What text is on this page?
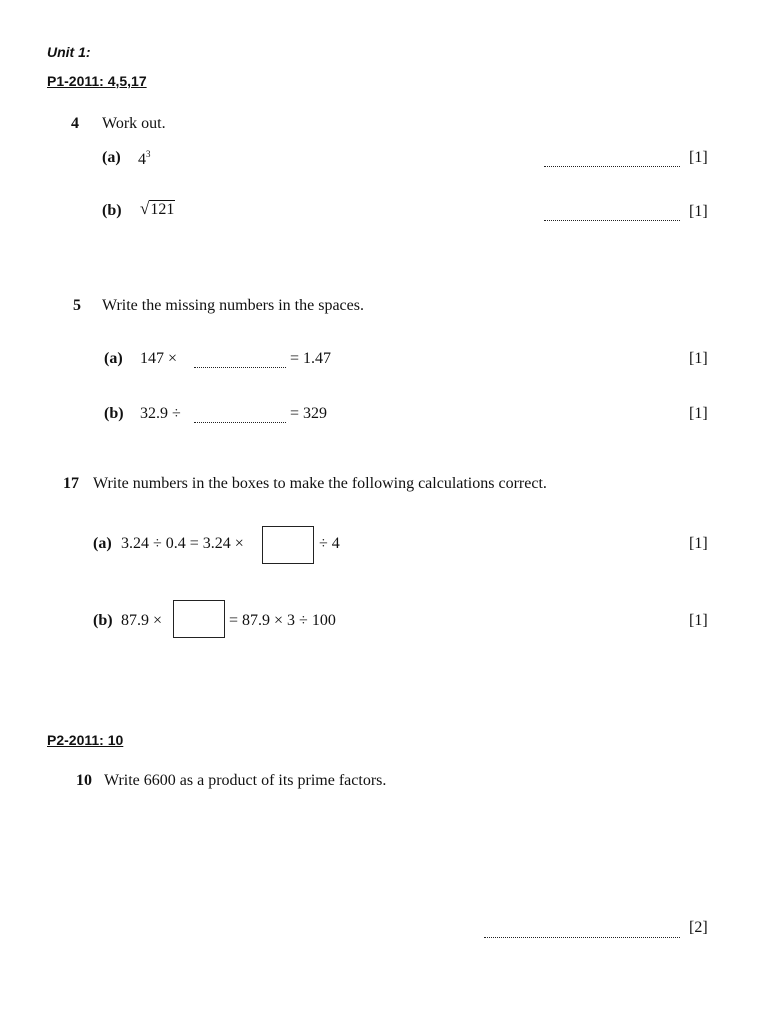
Unit 1:
P1-2011: 4,5,17
4 Work out.
(a) $4^3$	[1]
(b) √121	[1]
5 Write the missing numbers in the spaces.
(a) 147 ×	= 1.47	[1]
(b) 32.9 ÷	= 329	[1]
17 Write numbers in the boxes to make the following calculations correct.
(a) 3.24 ÷ 0.4 = 3.24 ×	÷ 4	[1]
(b) 87.9 ×	= 87.9 × 3 ÷ 100	[1]
P2-2011: 10
10 Write 6600 as a product of its prime factors.
[2]
